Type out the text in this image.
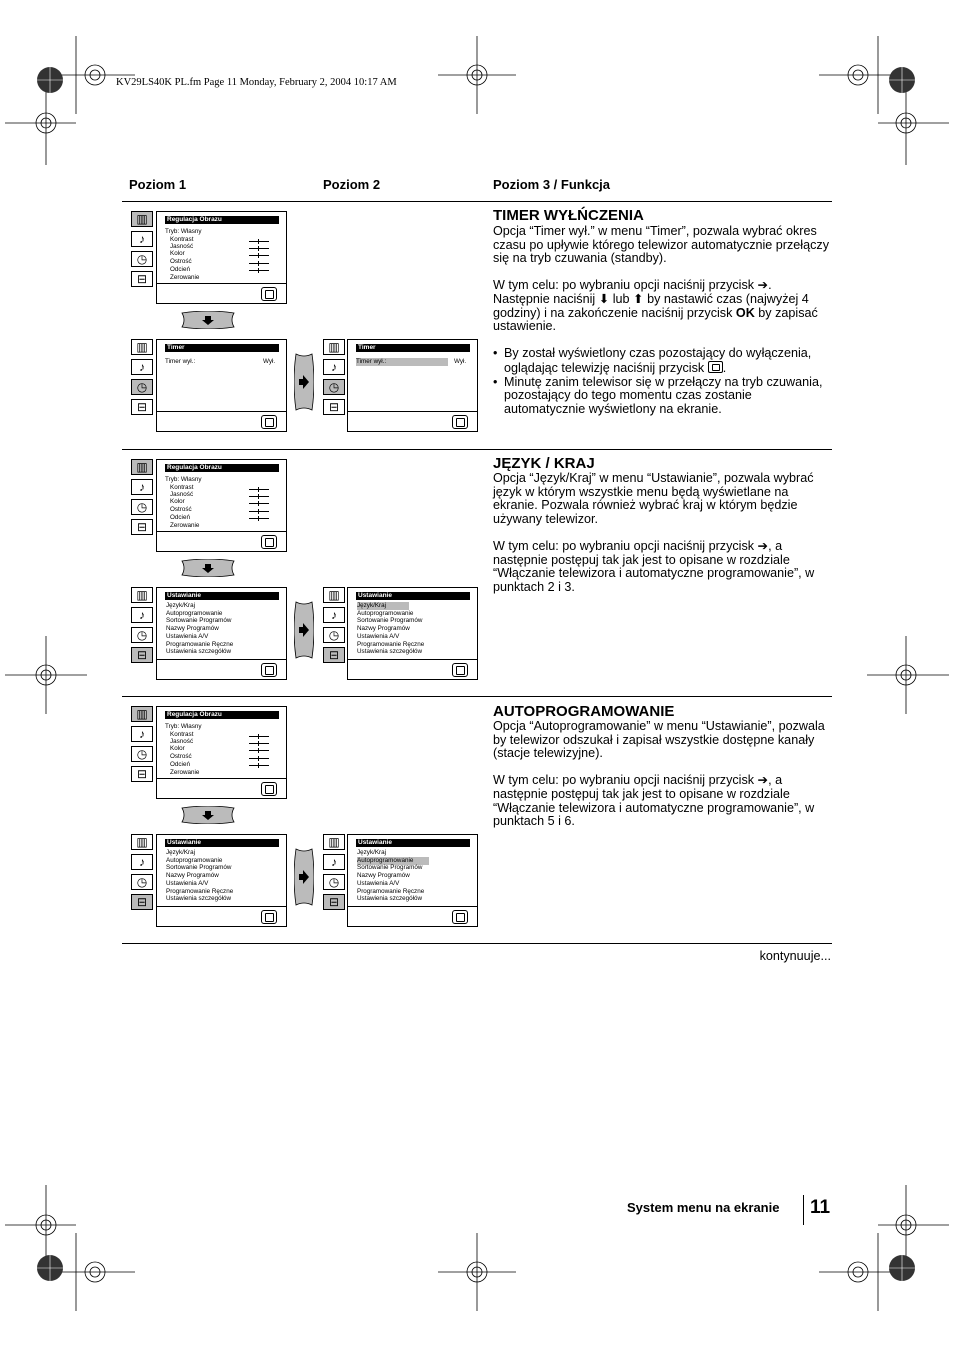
KV29LS40K PL.fm Page 11 Monday, February 2, 2004 10:17 AM
Poziom 1	Poziom 2	Poziom 3 / Funkcja
▥
♪
◷
⊟
Regulacja Obrazu
Tryb: Własny
Kontrast
Jasność
Kolor
Ostrość
Odcień
Zerowanie
▥
♪
◷
⊟
Timer
Timer wył.:	Wył.
▥
♪
◷
⊟
Timer
Timer wył.:	Wył.
TIMER WYŁŃCZENIA

Opcja “Timer wył.” w menu “Timer”, pozwala wybrać okres czasu po upływie którego telewizor automatycznie przełączy się na tryb czuwania (standby).

W tym celu: po wybraniu opcji naciśnij przycisk ➔. Następnie naciśnij ⬇ lub ⬆ by nastawić czas (najwyżej 4 godziny) i na zakończenie naciśnij przycisk OK by zapisać ustawienie.

• By został wyświetlony czas pozostający do wyłączenia, oglądając telewizję naciśnij przycisk .
• Minutę zanim telewisor się w przełączy na tryb czuwania, pozostający do tego momentu czas zostanie automatycznie wyświetlony na ekranie.
▥
♪
◷
⊟
Regulacja Obrazu
Tryb: Własny
Kontrast
Jasność
Kolor
Ostrość
Odcień
Zerowanie
▥
♪
◷
⊟
Ustawianie
Język/Kraj
Autoprogramowanie
Sortowanie Programów
Nazwy Programów
Ustawienia A/V
Programowanie Ręczne
Ustawienia szczegółów
▥
♪
◷
⊟
Ustawianie
Język/Kraj
Autoprogramowanie
Sortowanie Programów
Nazwy Programów
Ustawienia A/V
Programowanie Ręczne
Ustawienia szczegółów
JĘZYK / KRAJ

Opcja “Język/Kraj” w menu “Ustawianie”, pozwala wybrać język w którym wszystkie menu będą wyświetlane na ekranie. Pozwala również wybrać kraj w którym będzie używany telewizor.

W tym celu: po wybraniu opcji naciśnij przycisk ➔, a następnie postępuj tak jak jest to opisane w rozdziale “Włączanie telewizora i automatyczne programowanie”, w punktach 2 i 3.

▥
♪
◷
⊟
Regulacja Obrazu
Tryb: Własny
Kontrast
Jasność
Kolor
Ostrość
Odcień
Zerowanie
▥
♪
◷
⊟
Ustawianie
Język/Kraj
Autoprogramowanie
Sortowanie Programów
Nazwy Programów
Ustawienia A/V
Programowanie Ręczne
Ustawienia szczegółów
▥
♪
◷
⊟
Ustawianie
Język/Kraj
Autoprogramowanie
Sortowanie Programów
Nazwy Programów
Ustawienia A/V
Programowanie Ręczne
Ustawienia szczegółów
AUTOPROGRAMOWANIE

Opcja “Autoprogramowanie” w menu “Ustawianie”, pozwala by telewizor odszukał i zapisał wszystkie dostępne kanały (stacje telewizyjne).

W tym celu: po wybraniu opcji naciśnij przycisk ➔, a następnie postępuj tak jak jest to opisane w rozdziale “Włączanie telewizora i automatyczne programowanie”, w punktach 5 i 6.

kontynuuje...
System menu na ekranie 11
